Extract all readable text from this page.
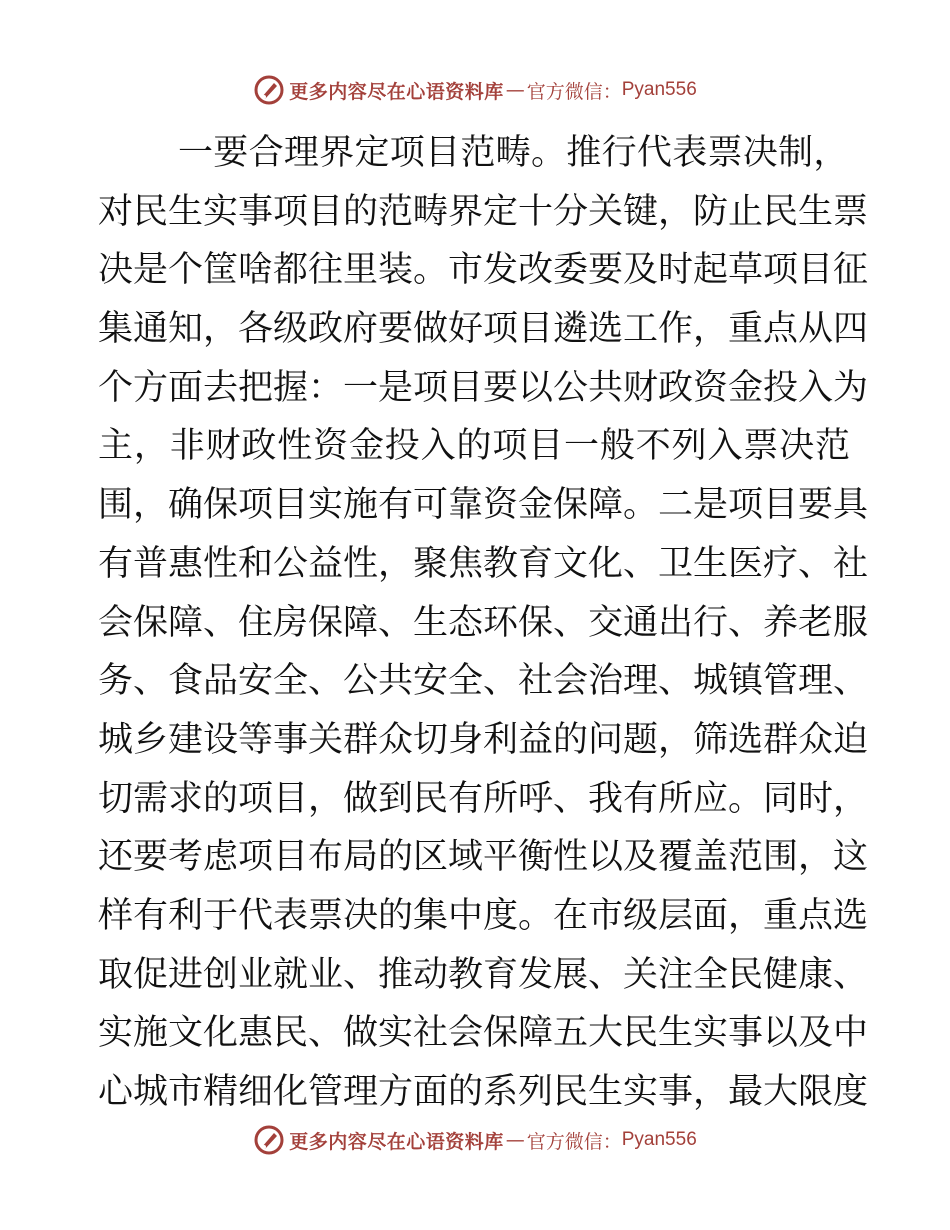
更多内容尽在心语资料库 — 官方微信： Pyan556
一要合理界定项目范畴。推行代表票决制，
对民生实事项目的范畴界定十分关键，防止民生票
决是个筐啥都往里装。市发改委要及时起草项目征
集通知，各级政府要做好项目遴选工作，重点从四
个方面去把握：一是项目要以公共财政资金投入为
主，非财政性资金投入的项目一般不列入票决范
围，确保项目实施有可靠资金保障。二是项目要具
有普惠性和公益性，聚焦教育文化、卫生医疗、社
会保障、住房保障、生态环保、交通出行、养老服
务、食品安全、公共安全、社会治理、城镇管理、
城乡建设等事关群众切身利益的问题，筛选群众迫
切需求的项目，做到民有所呼、我有所应。同时，
还要考虑项目布局的区域平衡性以及覆盖范围，这
样有利于代表票决的集中度。在市级层面，重点选
取促进创业就业、推动教育发展、关注全民健康、
实施文化惠民、做实社会保障五大民生实事以及中
心城市精细化管理方面的系列民生实事，最大限度
更多内容尽在心语资料库 — 官方微信： Pyan556
